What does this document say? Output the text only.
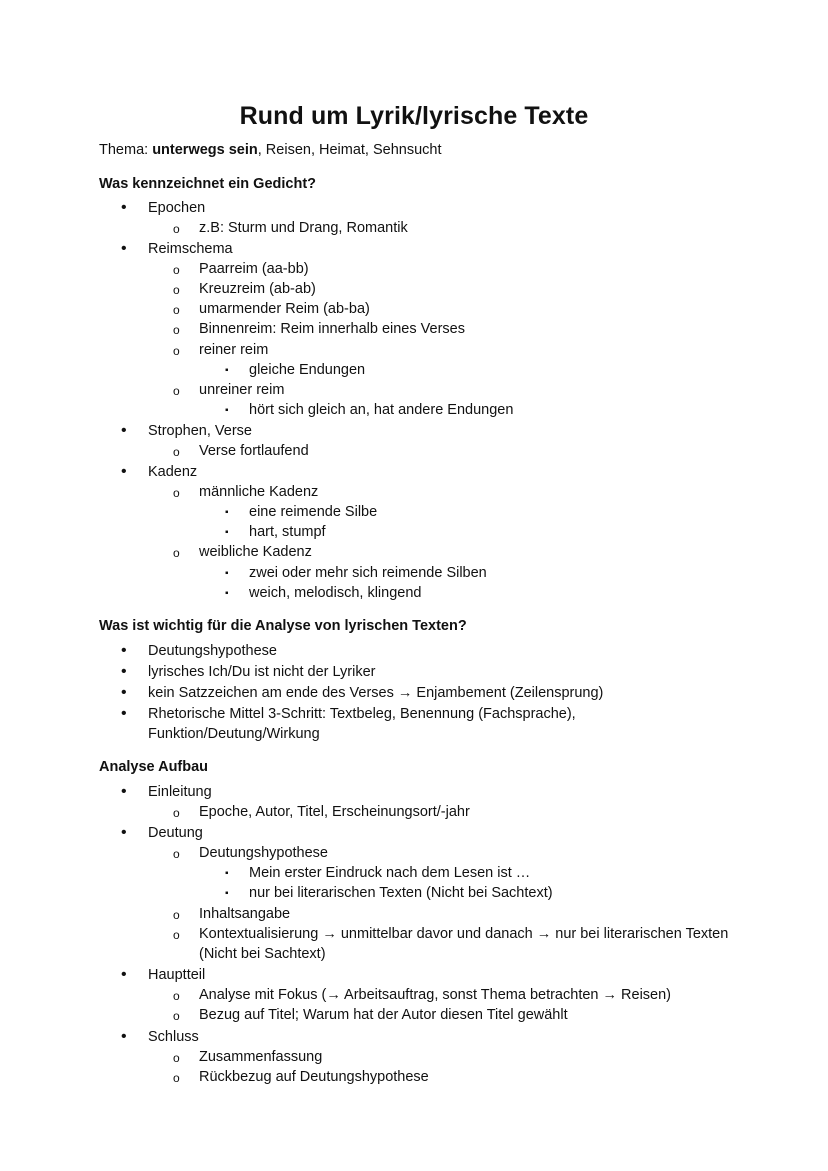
Rund um Lyrik/lyrische Texte
Thema: unterwegs sein, Reisen, Heimat, Sehnsucht
Was kennzeichnet ein Gedicht?
• Epochen
o z.B: Sturm und Drang, Romantik
• Reimschema
o Paarreim (aa-bb)
o Kreuzreim (ab-ab)
o umarmender Reim (ab-ba)
o Binnenreim: Reim innerhalb eines Verses
o reiner reim
▪ gleiche Endungen
o unreiner reim
▪ hört sich gleich an, hat andere Endungen
• Strophen, Verse
o Verse fortlaufend
• Kadenz
o männliche Kadenz
▪ eine reimende Silbe
▪ hart, stumpf
o weibliche Kadenz
▪ zwei oder mehr sich reimende Silben
▪ weich, melodisch, klingend
Was ist wichtig für die Analyse von lyrischen Texten?
• Deutungshypothese
• lyrisches Ich/Du ist nicht der Lyriker
• kein Satzzeichen am ende des Verses → Enjambement (Zeilensprung)
• Rhetorische Mittel 3-Schritt: Textbeleg, Benennung (Fachsprache),
Funktion/Deutung/Wirkung
Analyse Aufbau
• Einleitung
o Epoche, Autor, Titel, Erscheinungsort/-jahr
• Deutung
o Deutungshypothese
▪ Mein erster Eindruck nach dem Lesen ist …
▪ nur bei literarischen Texten (Nicht bei Sachtext)
o Inhaltsangabe
o Kontextualisierung → unmittelbar davor und danach → nur bei literarischen Texten
(Nicht bei Sachtext)
• Hauptteil
o Analyse mit Fokus (→ Arbeitsauftrag, sonst Thema betrachten → Reisen)
o Bezug auf Titel; Warum hat der Autor diesen Titel gewählt
• Schluss
o Zusammenfassung
o Rückbezug auf Deutungshypothese
